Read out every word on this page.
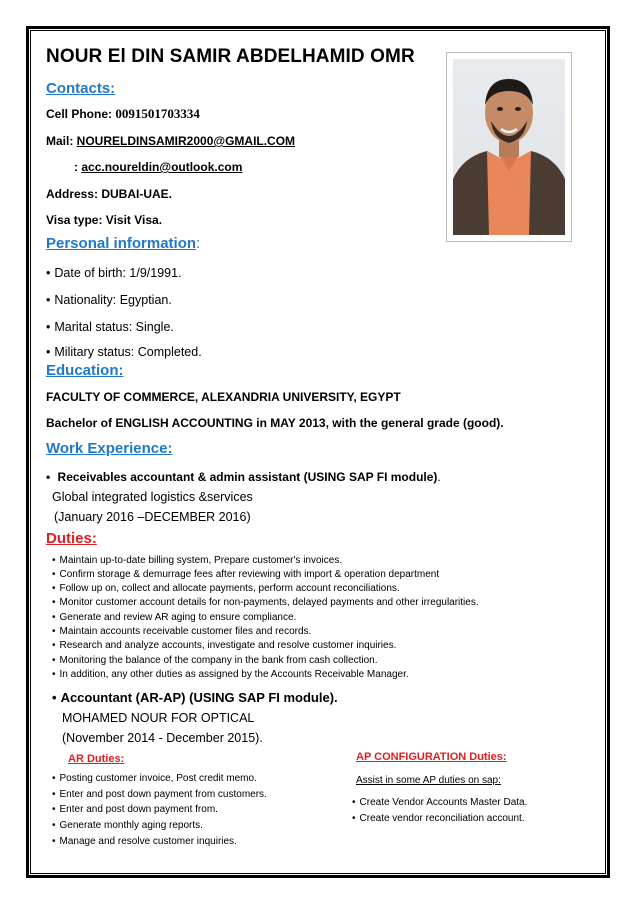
NOUR El DIN SAMIR ABDELHAMID OMR
Contacts:
Cell Phone: 0091501703334
Mail: NOURELDINSAMIR2000@GMAIL.COM
: acc.noureldin@outlook.com
Address: DUBAI-UAE.
Visa type: Visit Visa.
Personal information:
• Date of birth: 1/9/1991.
• Nationality: Egyptian.
• Marital status: Single.
• Military status: Completed.
Education:
FACULTY OF COMMERCE, ALEXANDRIA UNIVERSITY, EGYPT
Bachelor of ENGLISH ACCOUNTING in MAY 2013, with the general grade (good).
Work Experience:
• Receivables accountant & admin assistant (USING SAP FI module).
Global integrated logistics &services
(January 2016 –DECEMBER 2016)
Duties:
• Maintain up-to-date billing system, Prepare customer's invoices.
• Confirm storage & demurrage fees after reviewing with import & operation department
• Follow up on, collect and allocate payments, perform account reconciliations.
• Monitor customer account details for non-payments, delayed payments and other irregularities.
• Generate and review AR aging to ensure compliance.
• Maintain accounts receivable customer files and records.
• Research and analyze accounts, investigate and resolve customer inquiries.
• Monitoring the balance of the company in the bank from cash collection.
• In addition, any other duties as assigned by the Accounts Receivable Manager.
• Accountant (AR-AP) (USING SAP FI module).
MOHAMED NOUR FOR OPTICAL
(November 2014 - December 2015).
AR Duties:
• Posting customer invoice, Post credit memo.
• Enter and post down payment from customers.
• Enter and post down payment from.
• Generate monthly aging reports.
• Manage and resolve customer inquiries.
AP CONFIGURATION Duties:
Assist in some AP duties on sap:
• Create Vendor Accounts Master Data.
• Create vendor reconciliation account.
